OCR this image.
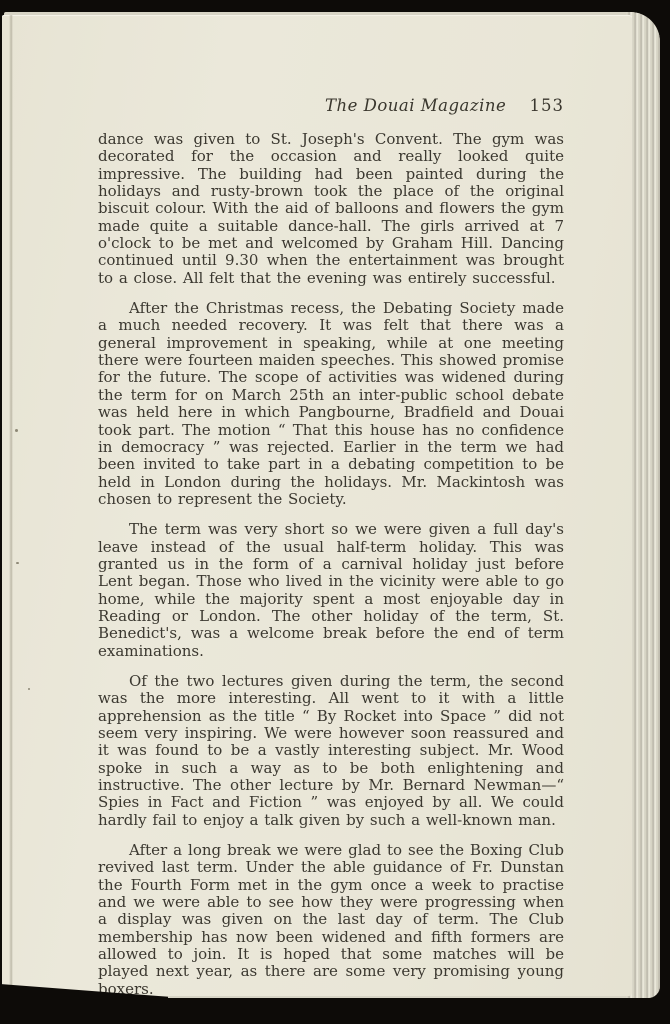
The Douai Magazine 153

dance was given to St. Joseph's Convent. The gym was decorated for the occasion and really looked quite impressive. The building had been painted during the holidays and rusty-brown took the place of the original biscuit colour. With the aid of balloons and flowers the gym made quite a suitable dance-hall. The girls arrived at 7 o'clock to be met and welcomed by Graham Hill. Dancing continued until 9.30 when the entertainment was brought to a close. All felt that the evening was entirely successful.

After the Christmas recess, the Debating Society made a much needed recovery. It was felt that there was a general improvement in speaking, while at one meeting there were fourteen maiden speeches. This showed promise for the future. The scope of activities was widened during the term for on March 25th an inter-public school debate was held here in which Pangbourne, Bradfield and Douai took part. The motion “ That this house has no confidence in democracy ” was rejected. Earlier in the term we had been invited to take part in a debating competition to be held in London during the holidays. Mr. Mackintosh was chosen to represent the Society.

The term was very short so we were given a full day's leave instead of the usual half-term holiday. This was granted us in the form of a carnival holiday just before Lent began. Those who lived in the vicinity were able to go home, while the majority spent a most enjoyable day in Reading or London. The other holiday of the term, St. Benedict's, was a welcome break before the end of term examinations.

Of the two lectures given during the term, the second was the more interesting. All went to it with a little apprehension as the title “ By Rocket into Space ” did not seem very inspiring. We were however soon reassured and it was found to be a vastly interesting subject. Mr. Wood spoke in such a way as to be both enlightening and instructive. The other lecture by Mr. Bernard Newman—“ Spies in Fact and Fiction ” was enjoyed by all. We could hardly fail to enjoy a talk given by such a well-known man.

After a long break we were glad to see the Boxing Club revived last term. Under the able guidance of Fr. Dunstan the Fourth Form met in the gym once a week to practise and we were able to see how they were progressing when a display was given on the last day of term. The Club membership has now been widened and fifth formers are allowed to join. It is hoped that some matches will be played next year, as there are some very promising young boxers.
